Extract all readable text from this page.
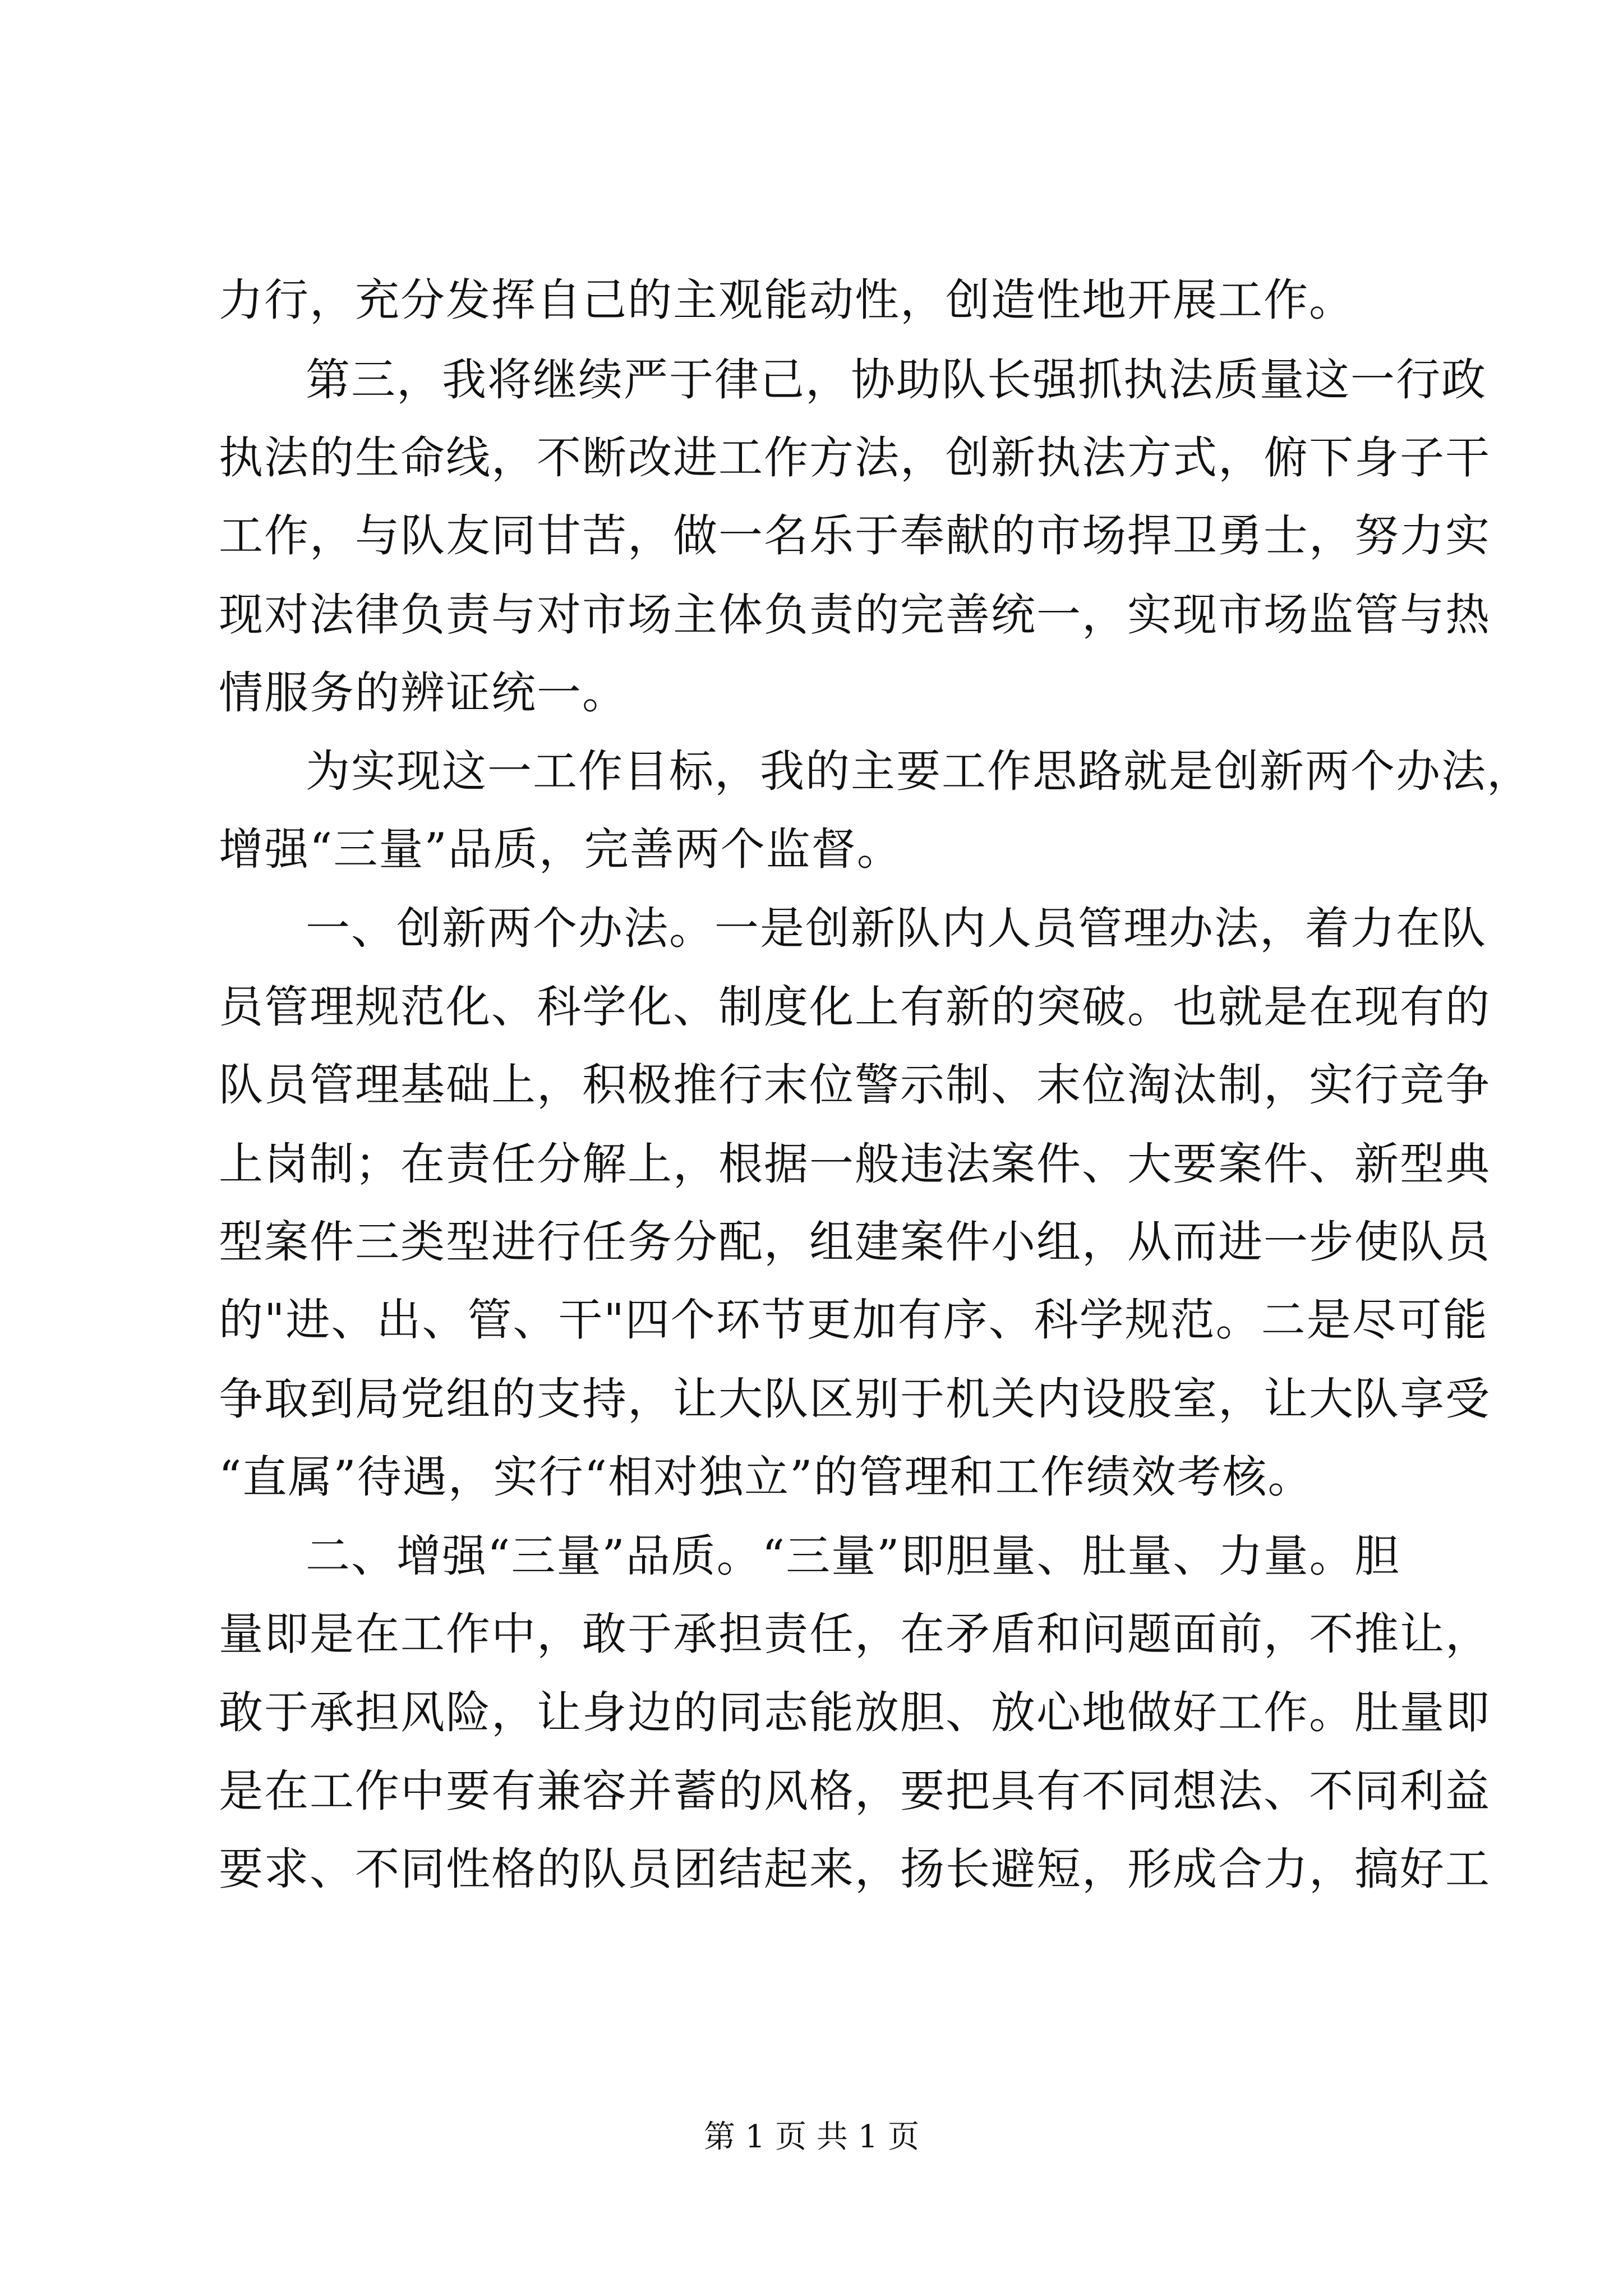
力行，充分发挥自己的主观能动性，创造性地开展工作。
第三，我将继续严于律己，协助队长强抓执法质量这一行政
执法的生命线，不断改进工作方法，创新执法方式，俯下身子干
工作，与队友同甘苦，做一名乐于奉献的市场捍卫勇士，努力实
现对法律负责与对市场主体负责的完善统一，实现市场监管与热
情服务的辨证统一。
为实现这一工作目标，我的主要工作思路就是创新两个办法，
增强“三量”品质，完善两个监督。
一、创新两个办法。一是创新队内人员管理办法，着力在队
员管理规范化、科学化、制度化上有新的突破。也就是在现有的
队员管理基础上，积极推行末位警示制、末位淘汰制，实行竞争
上岗制；在责任分解上，根据一般违法案件、大要案件、新型典
型案件三类型进行任务分配，组建案件小组，从而进一步使队员
的"进、出、管、干"四个环节更加有序、科学规范。二是尽可能
争取到局党组的支持，让大队区别于机关内设股室，让大队享受
“直属”待遇，实行“相对独立”的管理和工作绩效考核。
二、增强“三量”品质。“三量”即胆量、肚量、力量。胆
量即是在工作中，敢于承担责任，在矛盾和问题面前，不推让，
敢于承担风险，让身边的同志能放胆、放心地做好工作。肚量即
是在工作中要有兼容并蓄的风格，要把具有不同想法、不同利益
要求、不同性格的队员团结起来，扬长避短，形成合力，搞好工
第 1 页 共 1 页
